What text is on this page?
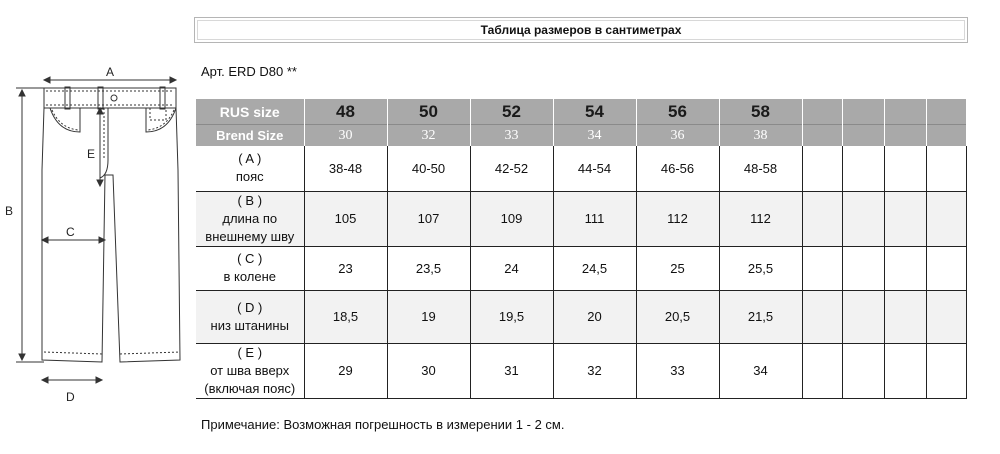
Таблица размеров в сантиметрах
Арт. ERD D80 **
A
B
C
D
E
RUS size	48	50	52	54	56	58				
Brend Size	30	32	33	34	36	38				

( A )
пояс	38-48	40-50	42-52	44-54	46-56	48-58				

( B )
длина по
внешнему шву	105	107	109	111	112	112				

( C )
в колене	23	23,5	24	24,5	25	25,5				

( D )
низ штанины	18,5	19	19,5	20	20,5	21,5				

( E )
от шва вверх
(включая пояс)	29	30	31	32	33	34				
Примечание: Возможная погрешность в измерении 1 - 2 см.
